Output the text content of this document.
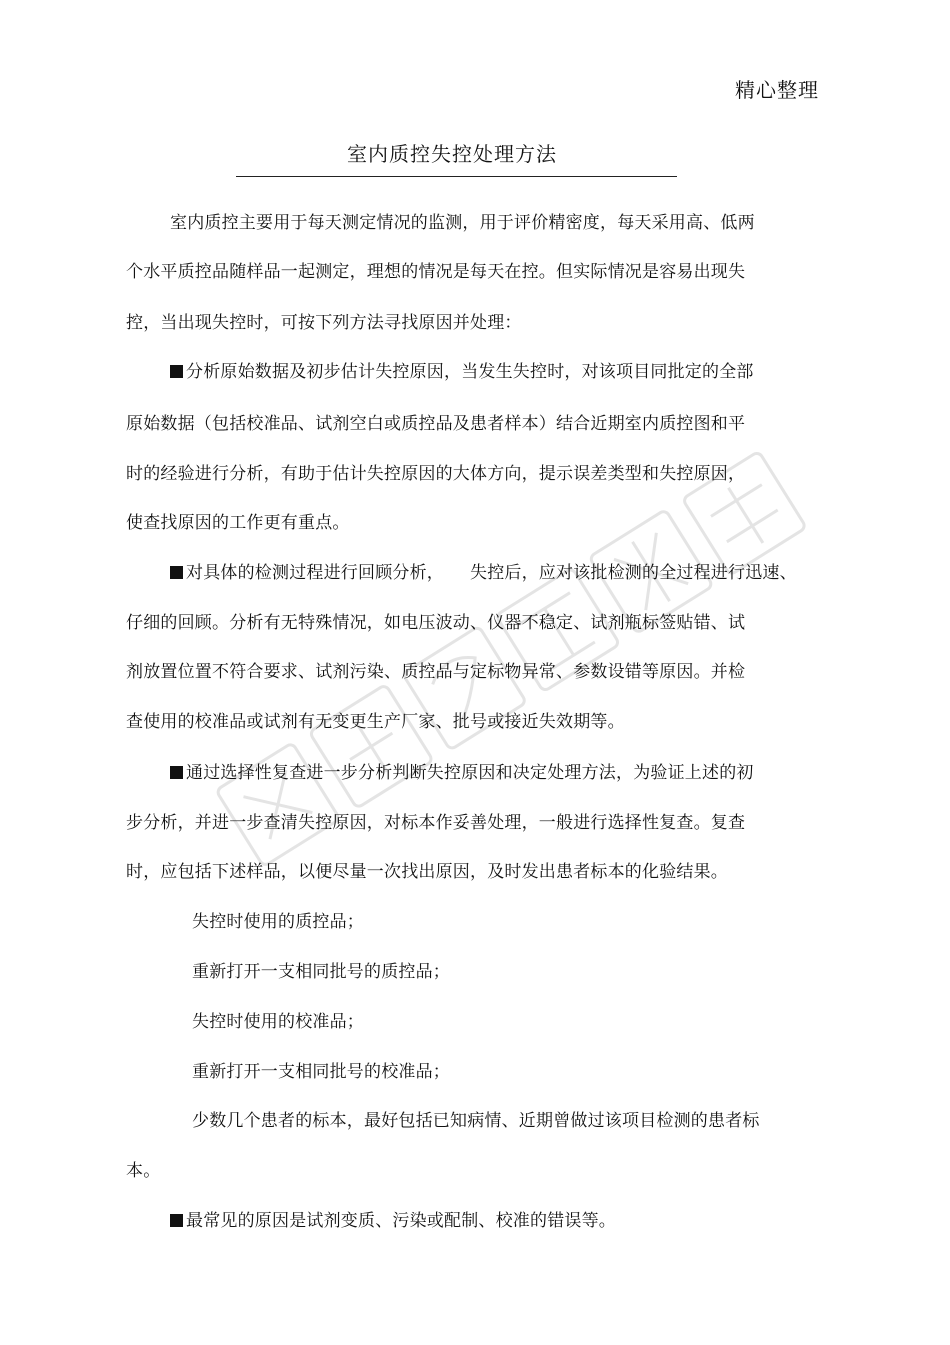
精心整理
室内质控失控处理方法
室内质控主要用于每天测定情况的监测，用于评价精密度，每天采用高、低两
个水平质控品随样品一起测定，理想的情况是每天在控。但实际情况是容易出现失
控，当出现失控时，可按下列方法寻找原因并处理：
分析原始数据及初步估计失控原因，当发生失控时，对该项目同批定的全部
原始数据（包括校准品、试剂空白或质控品及患者样本）结合近期室内质控图和平
时的经验进行分析，有助于估计失控原因的大体方向，提示误差类型和失控原因，
使查找原因的工作更有重点。
对具体的检测过程进行回顾分析， 失控后，应对该批检测的全过程进行迅速、
仔细的回顾。分析有无特殊情况，如电压波动、仪器不稳定、试剂瓶标签贴错、试
剂放置位置不符合要求、试剂污染、质控品与定标物异常、参数设错等原因。并检
查使用的校准品或试剂有无变更生产厂家、批号或接近失效期等。
通过选择性复查进一步分析判断失控原因和决定处理方法，为验证上述的初
步分析，并进一步查清失控原因，对标本作妥善处理，一般进行选择性复查。复查
时，应包括下述样品，以便尽量一次找出原因，及时发出患者标本的化验结果。
失控时使用的质控品；
重新打开一支相同批号的质控品；
失控时使用的校准品；
重新打开一支相同批号的校准品；
少数几个患者的标本，最好包括已知病情、近期曾做过该项目检测的患者标
本。
最常见的原因是试剂变质、污染或配制、校准的错误等。
